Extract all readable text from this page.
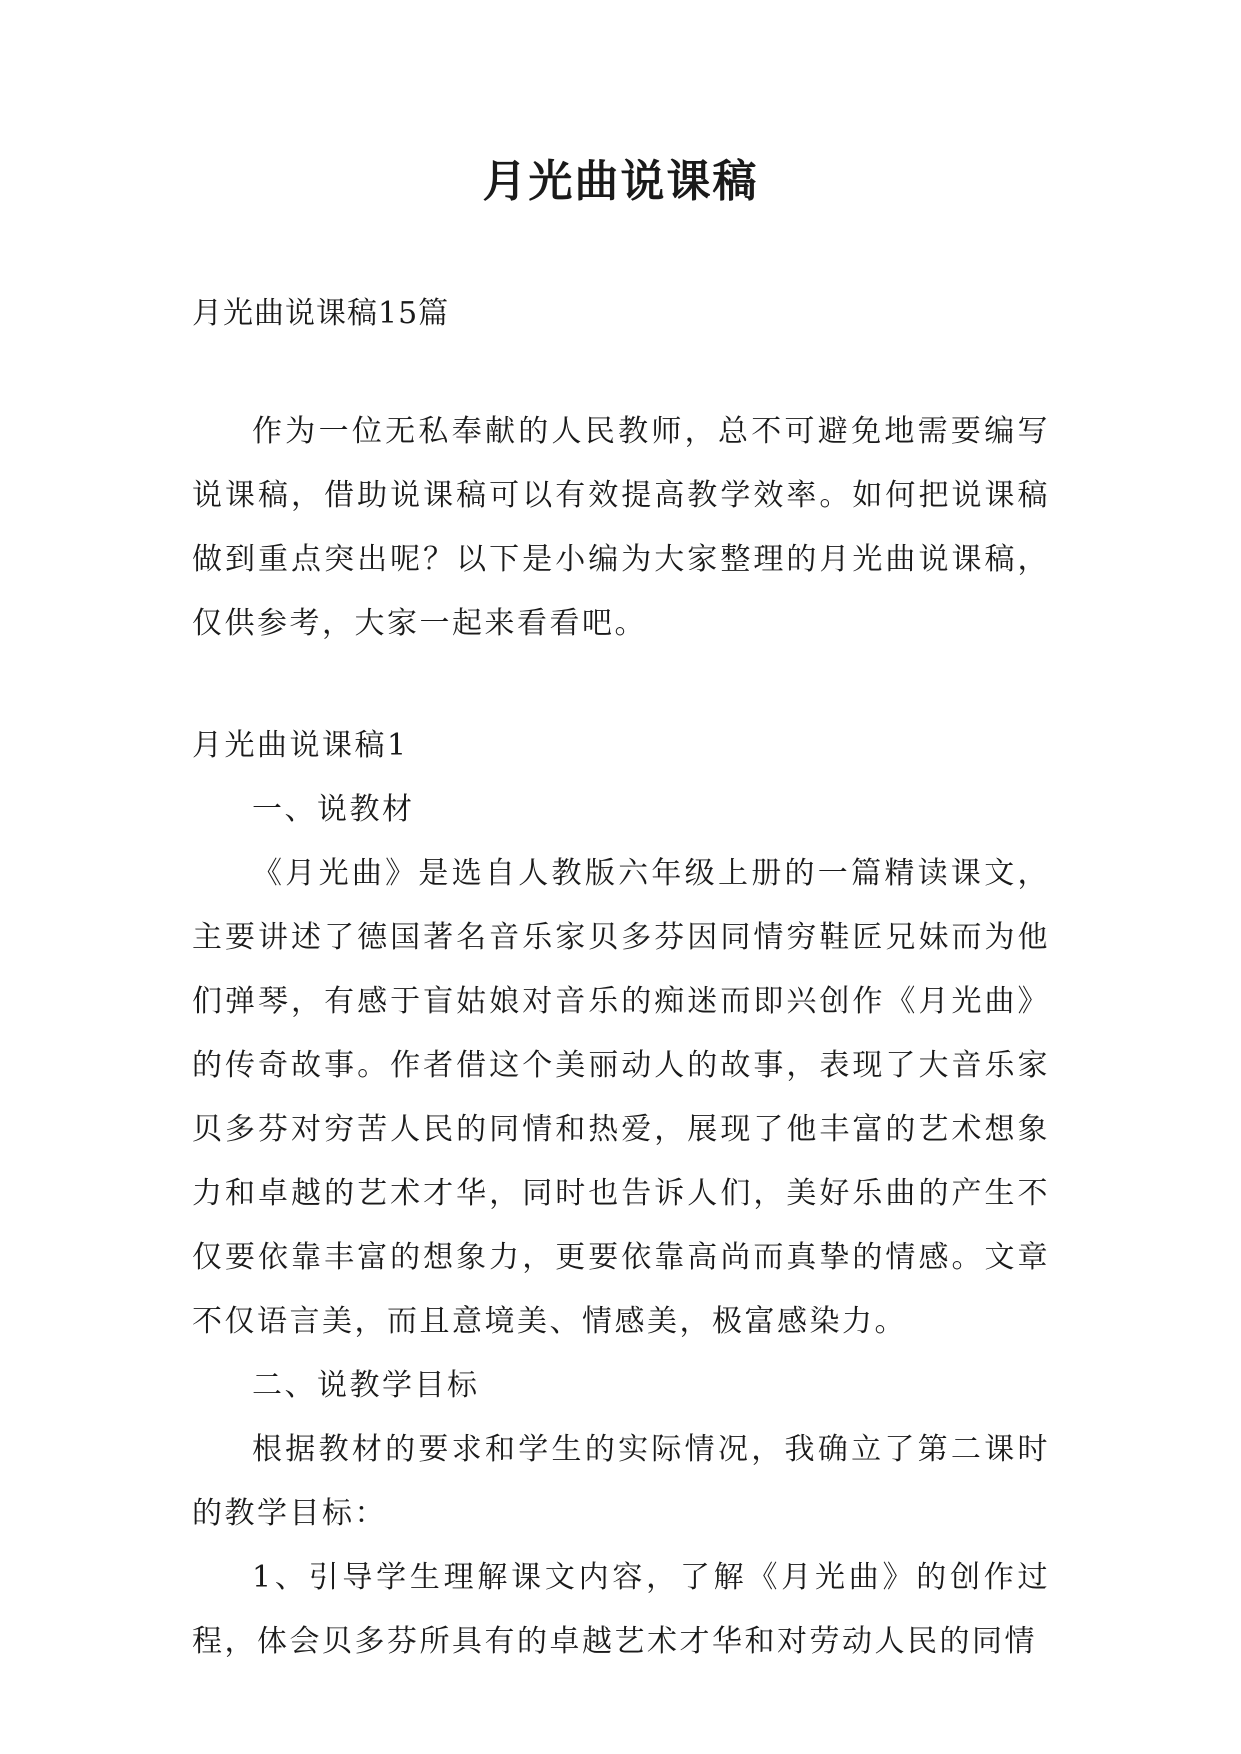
月光曲说课稿
月光曲说课稿15篇

作为一位无私奉献的人民教师，总不可避免地需要编写说课稿，借助说课稿可以有效提高教学效率。如何把说课稿做到重点突出呢？以下是小编为大家整理的月光曲说课稿，仅供参考，大家一起来看看吧。

月光曲说课稿1

一、说教材

《月光曲》是选自人教版六年级上册的一篇精读课文，主要讲述了德国著名音乐家贝多芬因同情穷鞋匠兄妹而为他们弹琴，有感于盲姑娘对音乐的痴迷而即兴创作《月光曲》的传奇故事。作者借这个美丽动人的故事，表现了大音乐家贝多芬对穷苦人民的同情和热爱，展现了他丰富的艺术想象力和卓越的艺术才华，同时也告诉人们，美好乐曲的产生不仅要依靠丰富的想象力，更要依靠高尚而真挚的情感。文章不仅语言美，而且意境美、情感美，极富感染力。

二、说教学目标

根据教材的要求和学生的实际情况，我确立了第二课时的教学目标：

1、引导学生理解课文内容，了解《月光曲》的创作过程，体会贝多芬所具有的卓越艺术才华和对劳动人民的同情
